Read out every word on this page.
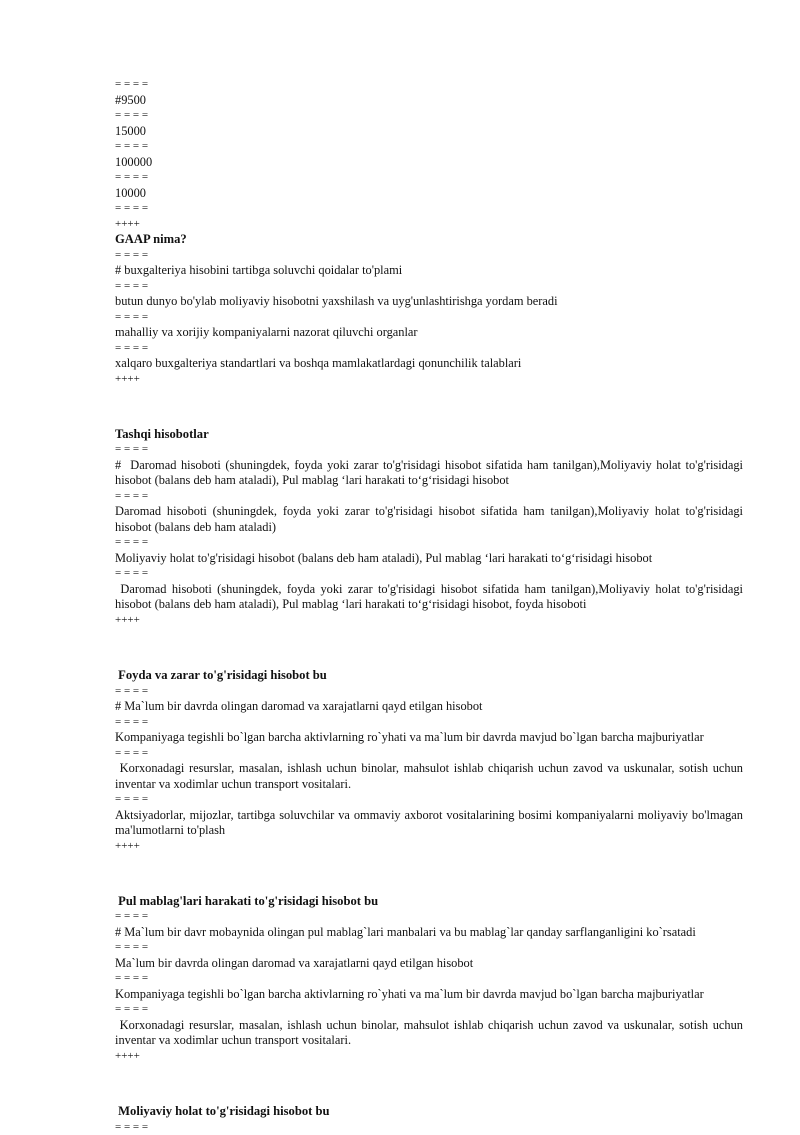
= = = =

#9500

= = = =

15000

= = = =

100000

= = = =

10000

= = = =

++++

GAAP nima?

= = = =

# buxgalteriya hisobini tartibga soluvchi qoidalar to'plami

= = = =

butun dunyo bo'ylab moliyaviy hisobotni yaxshilash va uyg'unlashtirishga yordam beradi

= = = =

mahalliy va xorijiy kompaniyalarni nazorat qiluvchi organlar

= = = =

xalqaro buxgalteriya standartlari va boshqa mamlakatlardagi qonunchilik talablari

++++

Tashqi hisobotlar

= = = =

#  Daromad hisoboti (shuningdek, foyda yoki zarar to'g'risidagi hisobot sifatida ham tanilgan),Moliyaviy holat to'g'risidagi hisobot (balans deb ham ataladi), Pul mablag ‘lari harakati to‘g‘risidagi hisobot

= = = =

Daromad hisoboti (shuningdek, foyda yoki zarar to'g'risidagi hisobot sifatida ham tanilgan),Moliyaviy holat to'g'risidagi hisobot (balans deb ham ataladi)

= = = =

Moliyaviy holat to'g'risidagi hisobot (balans deb ham ataladi), Pul mablag ‘lari harakati to‘g‘risidagi hisobot

= = = =

Daromad hisoboti (shuningdek, foyda yoki zarar to'g'risidagi hisobot sifatida ham tanilgan),Moliyaviy holat to'g'risidagi hisobot (balans deb ham ataladi), Pul mablag ‘lari harakati to‘g‘risidagi hisobot, foyda hisoboti

++++

Foyda va zarar to'g'risidagi hisobot bu

= = = =

# Ma`lum bir davrda olingan daromad va xarajatlarni qayd etilgan hisobot

= = = =

Kompaniyaga tegishli bo`lgan barcha aktivlarning ro`yhati va ma`lum bir davrda mavjud bo`lgan barcha majburiyatlar

= = = =

Korxonadagi resurslar, masalan, ishlash uchun binolar, mahsulot ishlab chiqarish uchun zavod va uskunalar, sotish uchun inventar va xodimlar uchun transport vositalari.

= = = =

Aktsiyadorlar, mijozlar, tartibga soluvchilar va ommaviy axborot vositalarining bosimi kompaniyalarni moliyaviy bo'lmagan ma'lumotlarni to'plash

++++

Pul mablag'lari harakati to'g'risidagi hisobot bu

= = = =

# Ma`lum bir davr mobaynida olingan pul mablag`lari manbalari va bu mablag`lar qanday sarflanganligini ko`rsatadi

= = = =

Ma`lum bir davrda olingan daromad va xarajatlarni qayd etilgan hisobot

= = = =

Kompaniyaga tegishli bo`lgan barcha aktivlarning ro`yhati va ma`lum bir davrda mavjud bo`lgan barcha majburiyatlar

= = = =

Korxonadagi resurslar, masalan, ishlash uchun binolar, mahsulot ishlab chiqarish uchun zavod va uskunalar, sotish uchun inventar va xodimlar uchun transport vositalari.

++++

Moliyaviy holat to'g'risidagi hisobot bu

= = = =
